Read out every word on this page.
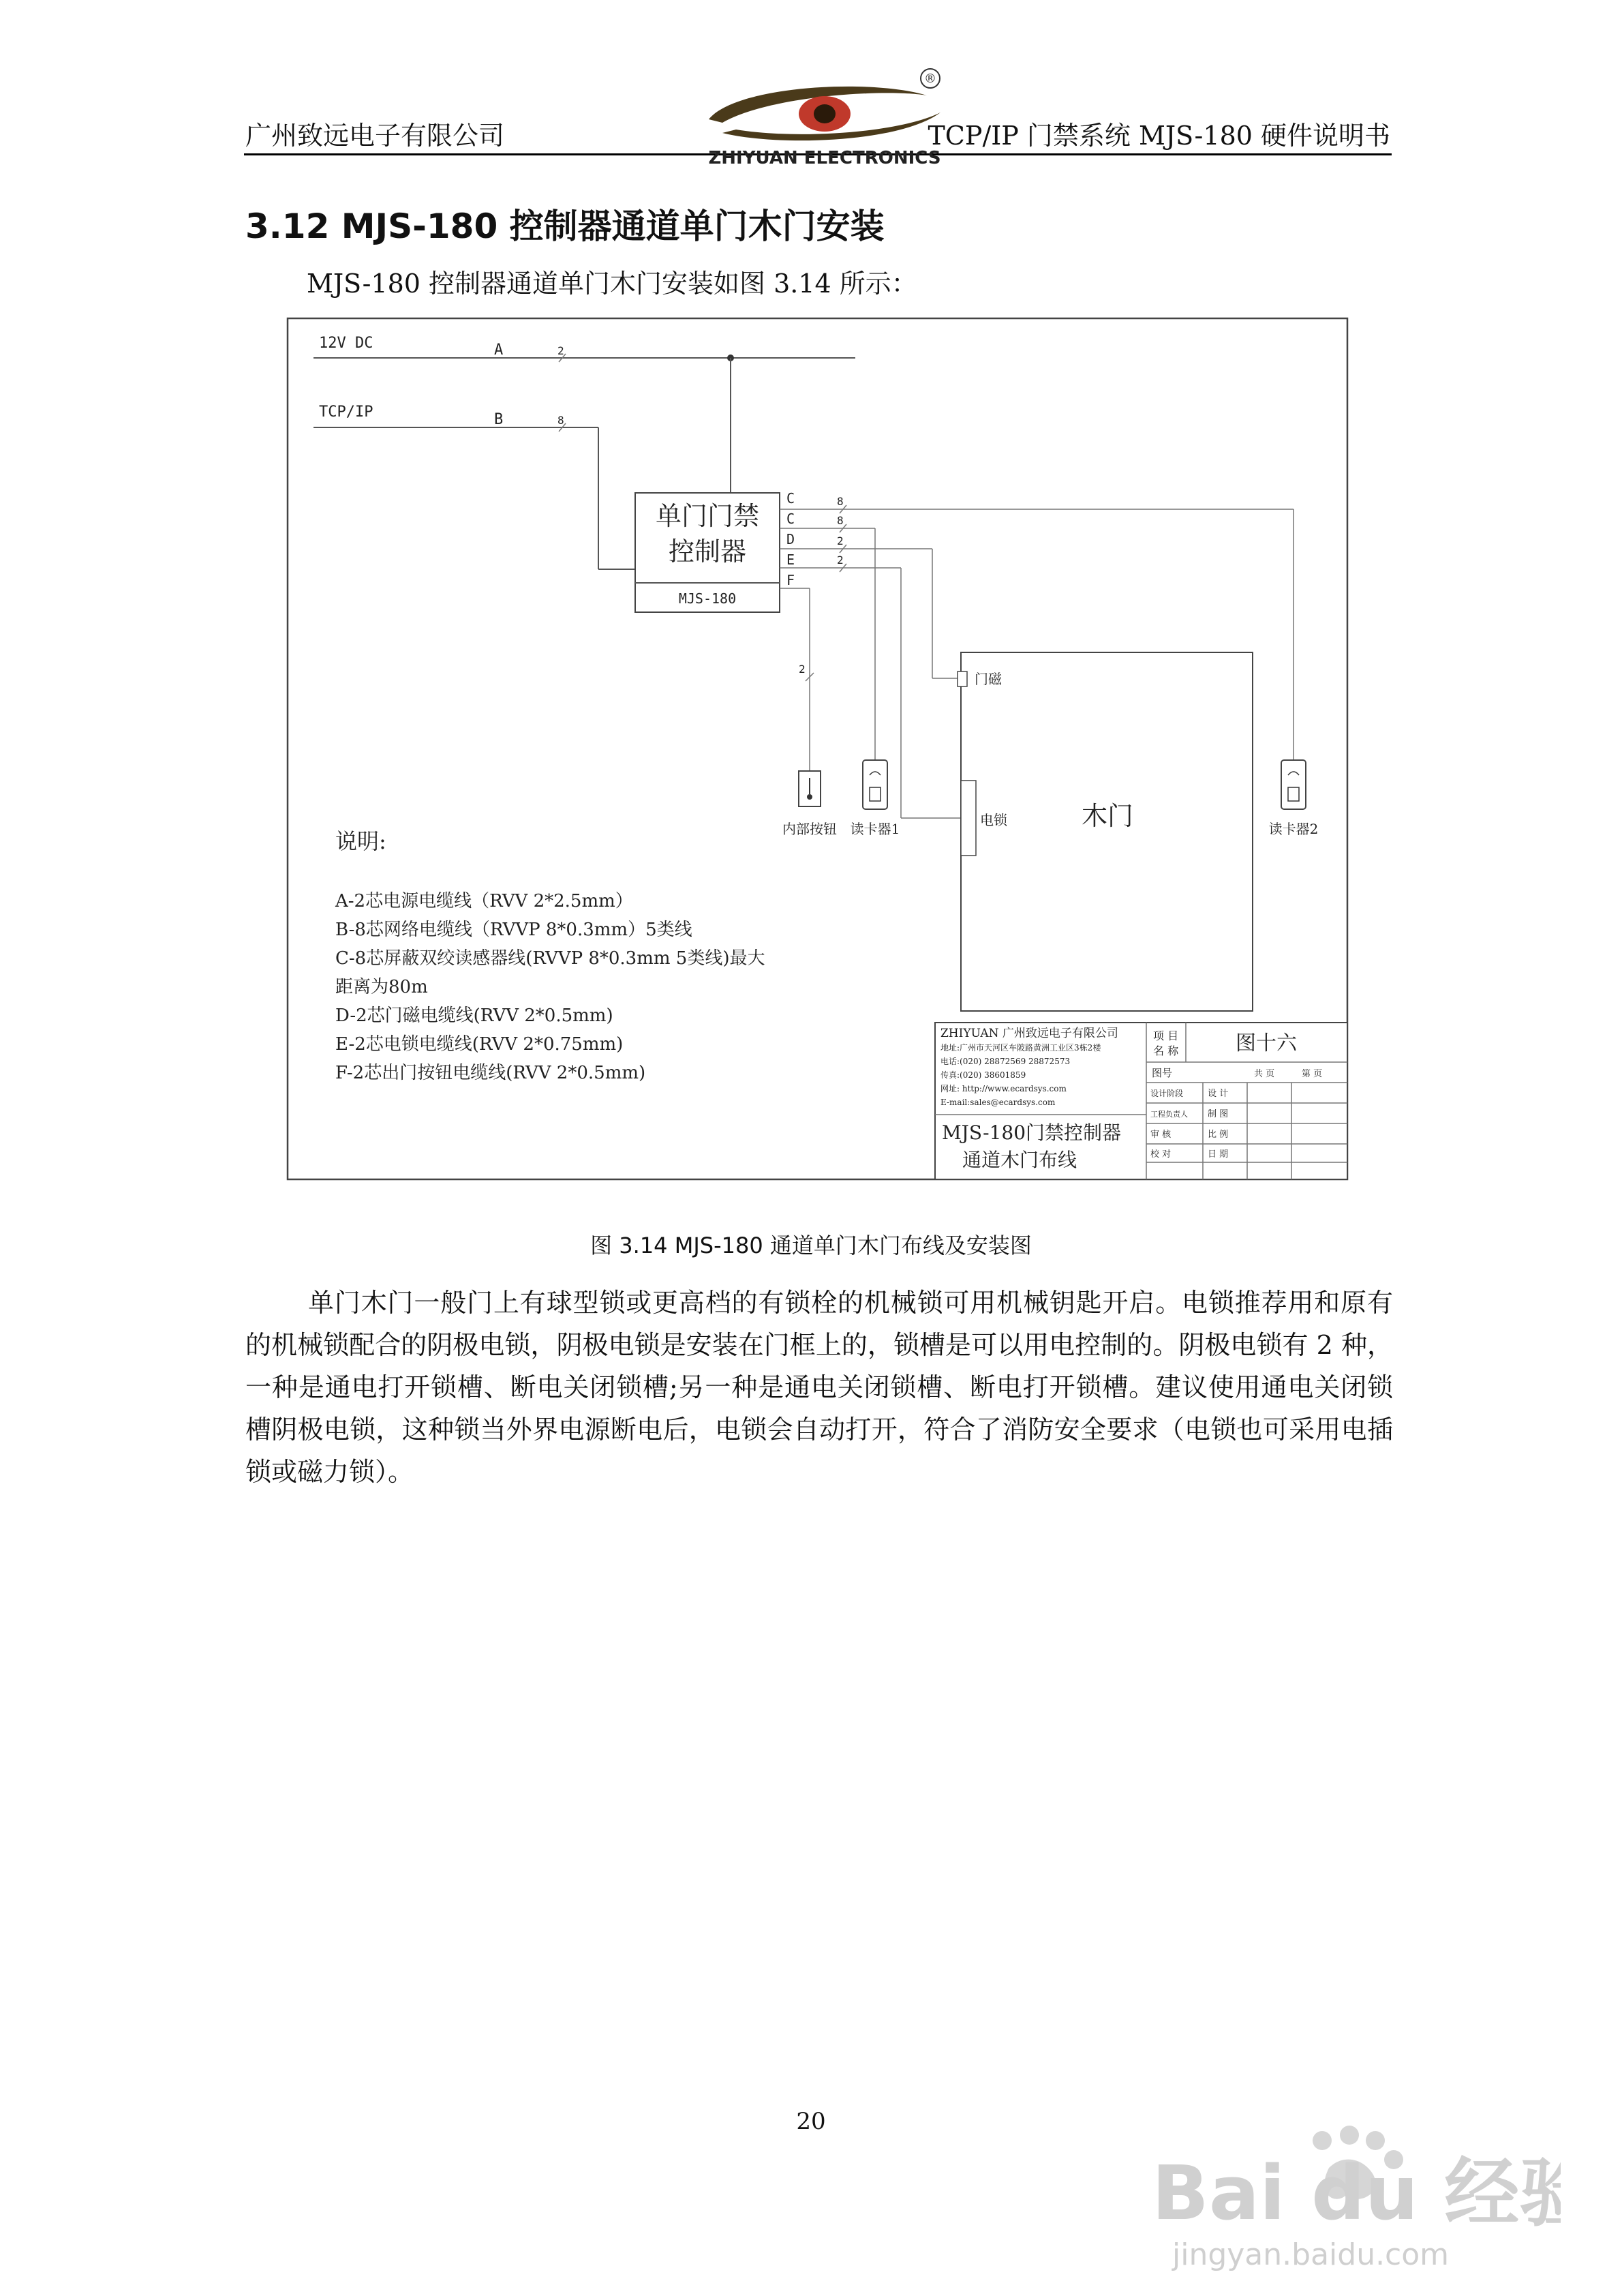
广州致远电子有限公司	TCP/IP 门禁系统 MJS-180 硬件说明书
®
ZHIYUAN ELECTRONICS
3.12 MJS-180 控制器通道单门木门安装
MJS-180 控制器通道单门木门安装如图 3.14 所示：
12V DC	A	2
TCP/IP	B	8
单门门禁
控制器
MJS-180
C
C
D
E
F
8
8
2
2
2
内部按钮 读卡器1
门磁
电锁	木门	读卡器2
说明:
A-2芯电源电缆线（RVV 2*2.5mm）
B-8芯网络电缆线（RVVP 8*0.3mm）5类线
C-8芯屏蔽双绞读感器线(RVVP 8*0.3mm 5类线)最大
距离为80m
D-2芯门磁电缆线(RVV 2*0.5mm)
E-2芯电锁电缆线(RVV 2*0.75mm)
F-2芯出门按钮电缆线(RVV 2*0.5mm)
ZHIYUAN 广州致远电子有限公司
地址:广州市天河区车陂路黄洲工业区3栋2楼
电话:(020) 28872569 28872573
传真:(020) 38601859
网址: http://www.ecardsys.com
E-mail:sales@ecardsys.com
MJS-180门禁控制器
通道木门布线
项 目
名 称	图十六
图号	共 页	第 页
设计阶段	设 计
工程负责人 制 图
审 核	比 例
校 对	日 期
图 3.14 MJS-180 通道单门木门布线及安装图

单门木门一般门上有球型锁或更高档的有锁栓的机械锁可用机械钥匙开启。电锁推荐用和原有的机械锁配合的阴极电锁，阴极电锁是安装在门框上的，锁槽是可以用电控制的。阴极电锁有 2 种，一种是通电打开锁槽、断电关闭锁槽;另一种是通电关闭锁槽、断电打开锁槽。建议使用通电关闭锁槽阴极电锁，这种锁当外界电源断电后，电锁会自动打开，符合了消防安全要求（电锁也可采用电插锁或磁力锁）。

20
Bai du 经验
jingyan.baidu.com
